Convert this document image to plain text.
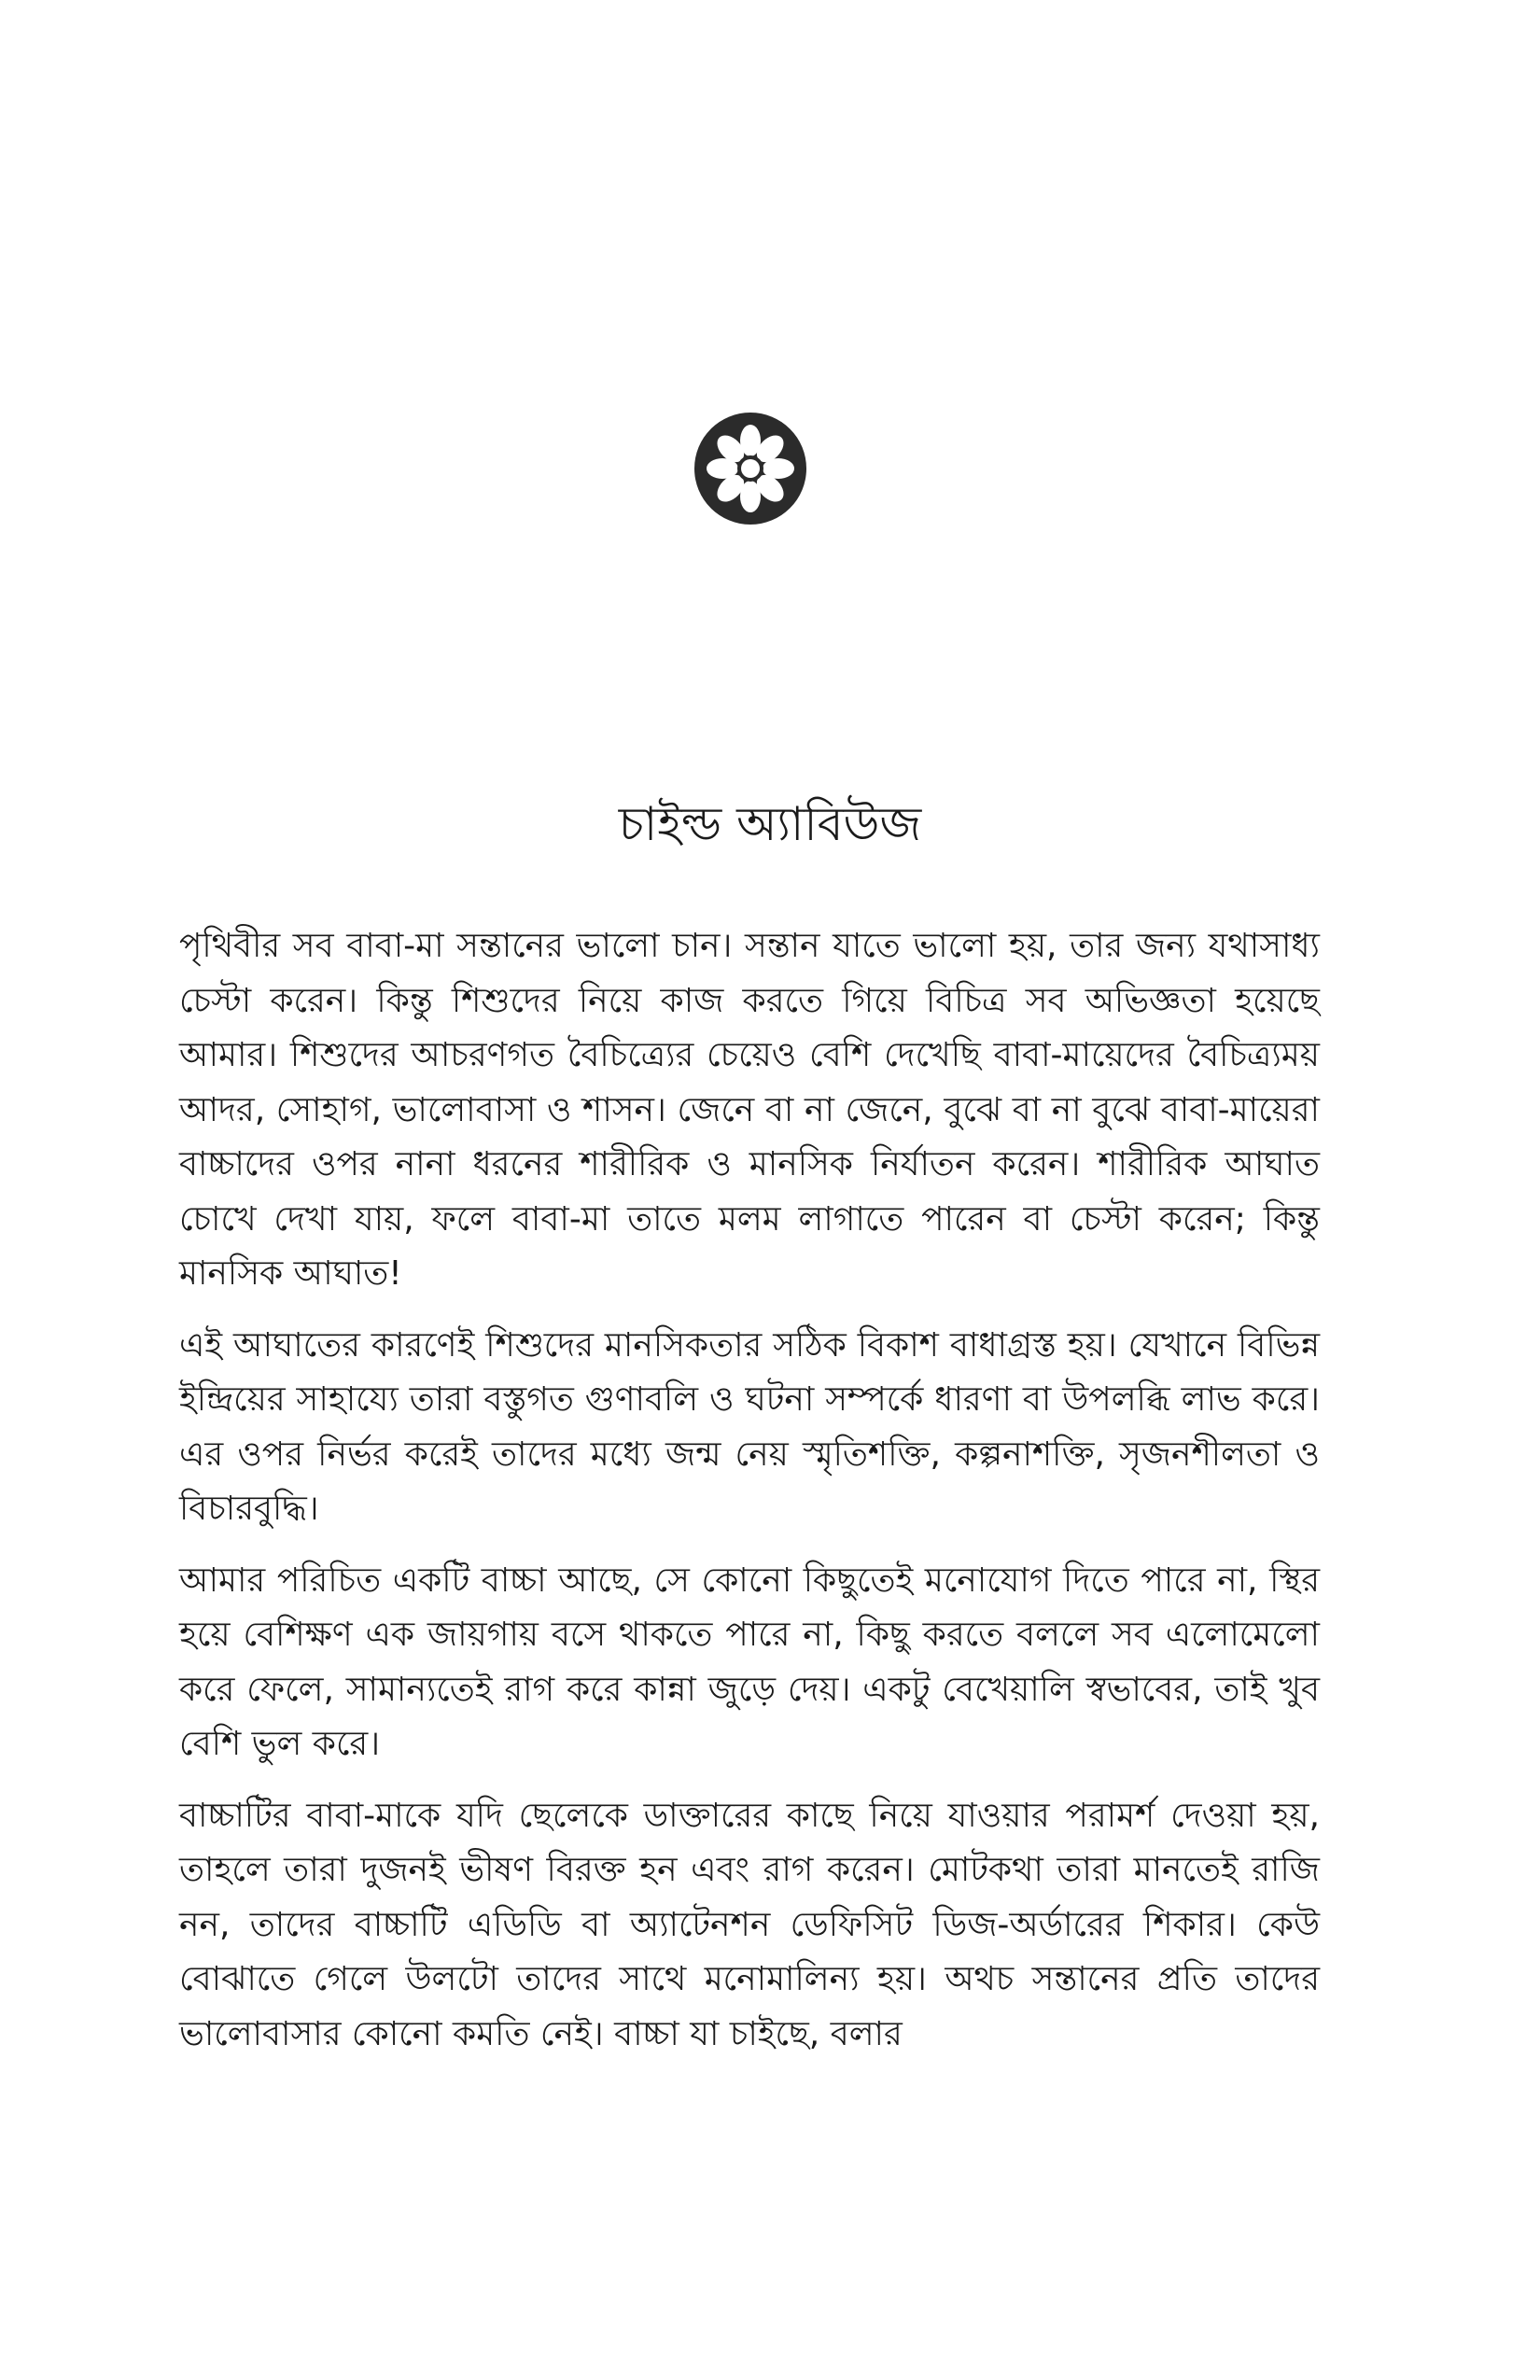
চাইল্ড অ্যাবিউজ

পৃথিবীর সব বাবা-মা সন্তানের ভালো চান। সন্তান যাতে ভালো হয়, তার জন্য যথাসাধ্য চেস্টা করেন। কিন্তু শিশুদের নিয়ে কাজ করতে গিয়ে বিচিত্র সব অভিজ্ঞতা হয়েছে আমার। শিশুদের আচরণগত বৈচিত্র্যের চেয়েও বেশি দেখেছি বাবা-মায়েদের বৈচিত্র্যময় আদর, সোহাগ, ভালোবাসা ও শাসন। জেনে বা না জেনে, বুঝে বা না বুঝে বাবা-মায়েরা বাচ্চাদের ওপর নানা ধরনের শারীরিক ও মানসিক নির্যাতন করেন। শারীরিক আঘাত চোখে দেখা যায়, ফলে বাবা-মা তাতে মলম লাগাতে পারেন বা চেস্টা করেন; কিন্তু মানসিক আঘাত!

এই আঘাতের কারণেই শিশুদের মানসিকতার সঠিক বিকাশ বাধাগ্রস্ত হয়। যেখানে বিভিন্ন ইন্দ্রিয়ের সাহায্যে তারা বস্তুগত গুণাবলি ও ঘটনা সম্পর্কে ধারণা বা উপলব্ধি লাভ করে। এর ওপর নির্ভর করেই তাদের মধ্যে জন্ম নেয় স্মৃতিশক্তি, কল্পনাশক্তি, সৃজনশীলতা ও বিচারবুদ্ধি।

আমার পরিচিত একটি বাচ্চা আছে, সে কোনো কিছুতেই মনোযোগ দিতে পারে না, স্থির হয়ে বেশিক্ষণ এক জায়গায় বসে থাকতে পারে না, কিছু করতে বললে সব এলোমেলো করে ফেলে, সামান্যতেই রাগ করে কান্না জুড়ে দেয়। একটু বেখেয়ালি স্বভাবের, তাই খুব বেশি ভুল করে।

বাচ্চাটির বাবা-মাকে যদি ছেলেকে ডাক্তারের কাছে নিয়ে যাওয়ার পরামর্শ দেওয়া হয়, তাহলে তারা দুজনই ভীষণ বিরক্ত হন এবং রাগ করেন। মোটকথা তারা মানতেই রাজি নন, তাদের বাচ্চাটি এডিডি বা অ্যাটেনশন ডেফিসিট ডিজ-অর্ডারের শিকার। কেউ বোঝাতে গেলে উলটো তাদের সাথে মনোমালিন্য হয়। অথচ সন্তানের প্রতি তাদের ভালোবাসার কোনো কমতি নেই। বাচ্চা যা চাইছে, বলার
